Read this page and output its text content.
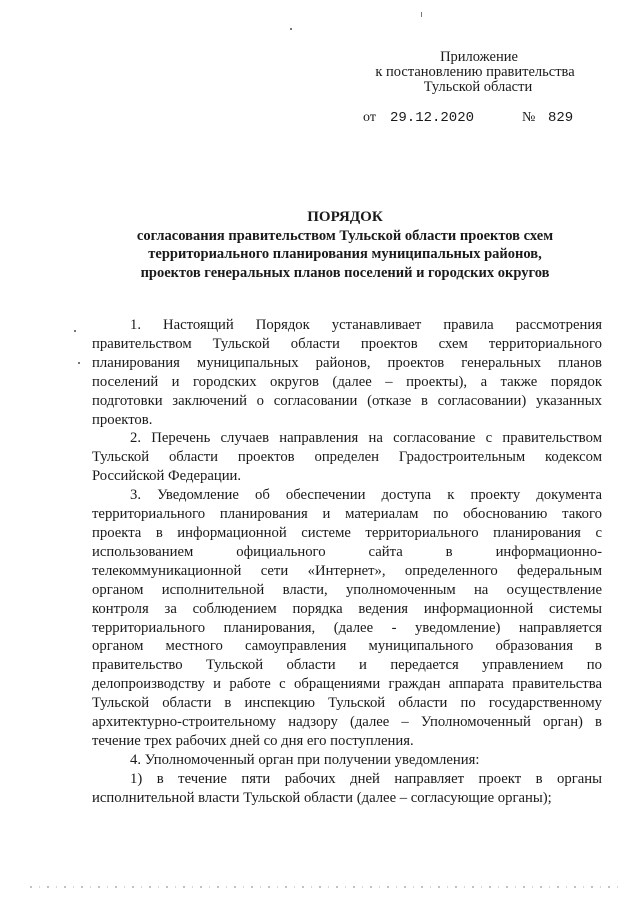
Приложение
к постановлению правительства
Тульской области
от 29.12.2020	№ 829
ПОРЯДОК
согласования правительством Тульской области проектов схем
территориального планирования муниципальных районов,
проектов генеральных планов поселений и городских округов

1. Настоящий Порядок устанавливает правила рассмотрения
правительством Тульской области проектов схем территориального
планирования муниципальных районов, проектов генеральных планов
поселений и городских округов (далее – проекты), а также порядок
подготовки заключений о согласовании (отказе в согласовании) указанных
проектов.

2. Перечень случаев направления на согласование с правительством
Тульской области проектов определен Градостроительным кодексом
Российской Федерации.

3. Уведомление об обеспечении доступа к проекту документа
территориального планирования и материалам по обоснованию такого
проекта в информационной системе территориального планирования с
использованием официального сайта в информационно-
телекоммуникационной сети «Интернет», определенного федеральным
органом исполнительной власти, уполномоченным на осуществление
контроля за соблюдением порядка ведения информационной системы
территориального планирования, (далее - уведомление) направляется
органом местного самоуправления муниципального образования в
правительство Тульской области и передается управлением по
делопроизводству и работе с обращениями граждан аппарата правительства
Тульской области в инспекцию Тульской области по государственному
архитектурно-строительному надзору (далее – Уполномоченный орган) в
течение трех рабочих дней со дня его поступления.

4. Уполномоченный орган при получении уведомления:

1) в течение пяти рабочих дней направляет проект в органы
исполнительной власти Тульской области (далее – согласующие органы);
